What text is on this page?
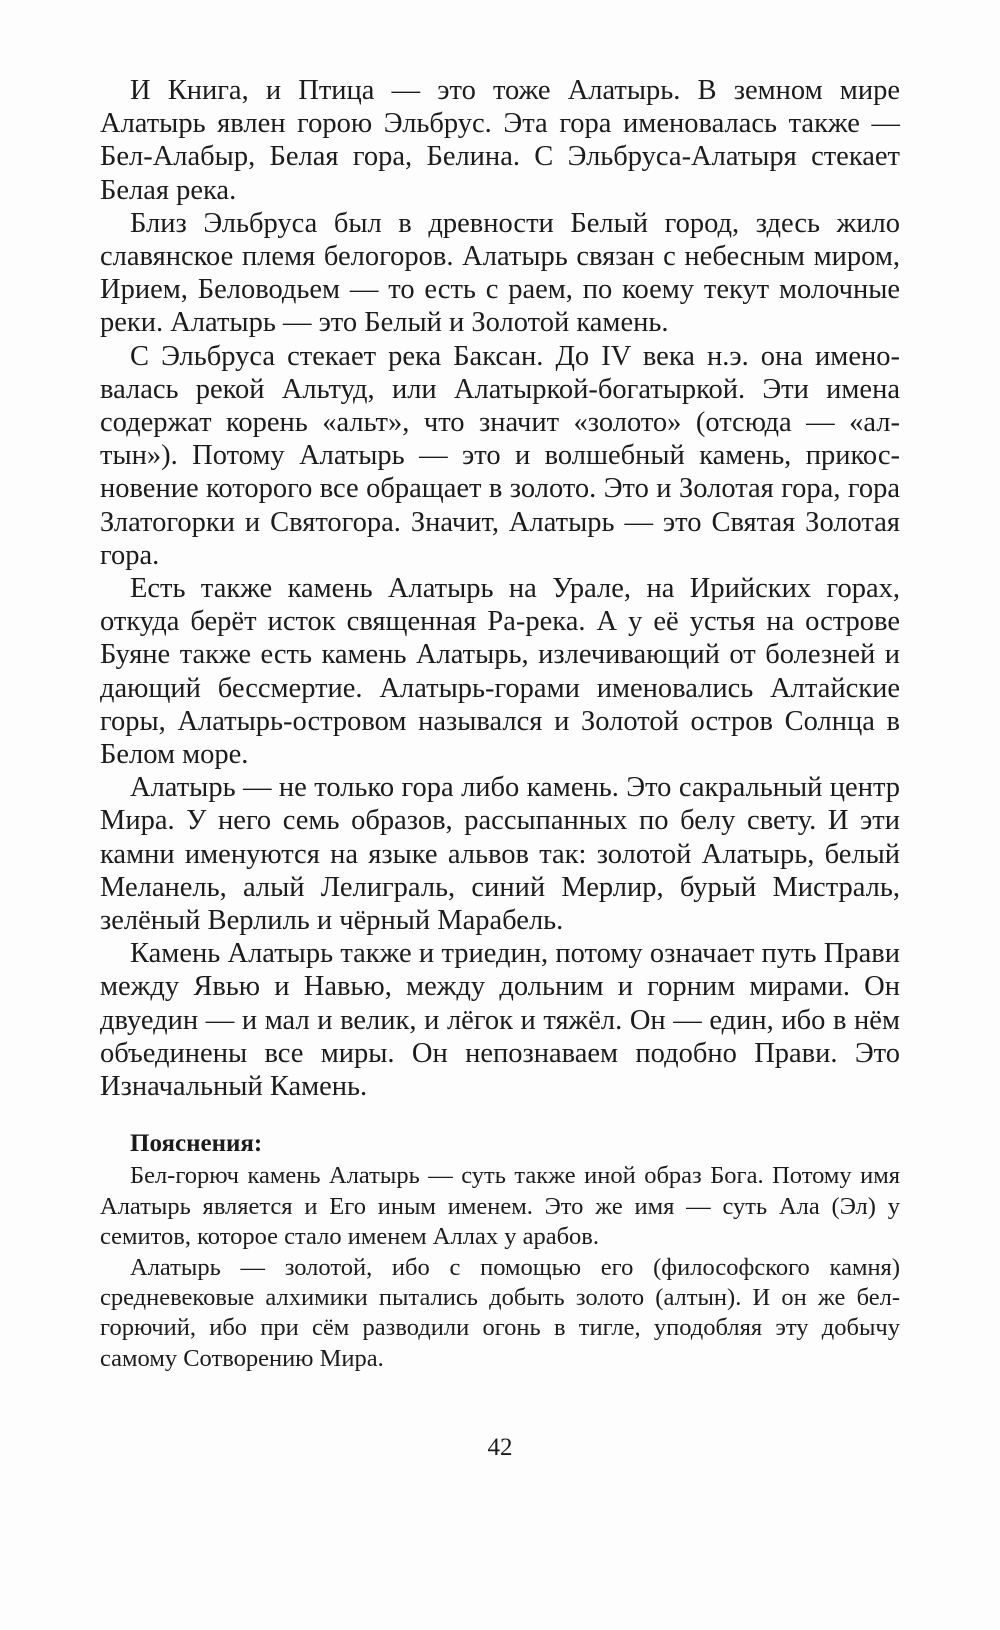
И Книга, и Птица — это тоже Алатырь. В земном мире Алатырь явлен горою Эльбрус. Эта гора именовалась также — Бел-Алабыр, Белая гора, Белина. С Эльбруса-Алатыря стекает Белая река.

Близ Эльбруса был в древности Белый город, здесь жило славянское племя белогоров. Алатырь связан с небесным миром, Ирием, Беловодьем — то есть с раем, по коему текут молочные реки. Алатырь — это Белый и Золотой камень.

С Эльбруса стекает река Баксан. До IV века н.э. она именовалась рекой Альтуд, или Алатыркой-богатыркой. Эти имена содержат корень «альт», что значит «золото» (отсюда — «алтын»). Потому Алатырь — это и волшебный камень, прикосновение которого все обращает в золото. Это и Золотая гора, гора Златогорки и Святогора. Значит, Алатырь — это Святая Золотая гора.

Есть также камень Алатырь на Урале, на Ирийских горах, откуда берёт исток священная Ра-река. А у её устья на острове Буяне также есть камень Алатырь, излечивающий от болезней и дающий бессмертие. Алатырь-горами именовались Алтайские горы, Алатырь-островом назывался и Золотой остров Солнца в Белом море.

Алатырь — не только гора либо камень. Это сакральный центр Мира. У него семь образов, рассыпанных по белу свету. И эти камни именуются на языке альвов так: золотой Алатырь, белый Меланель, алый Лелиграль, синий Мерлир, бурый Мистраль, зелёный Верлиль и чёрный Марабель.

Камень Алатырь также и триедин, потому означает путь Прави между Явью и Навью, между дольним и горним мирами. Он двуедин — и мал и велик, и лёгок и тяжёл. Он — един, ибо в нём объединены все миры. Он непознаваем подобно Прави. Это Изначальный Камень.

Пояснения:

Бел-горюч камень Алатырь — суть также иной образ Бога. Потому имя Алатырь является и Его иным именем. Это же имя — суть Ала (Эл) у семитов, которое стало именем Аллах у арабов.

Алатырь — золотой, ибо с помощью его (философского камня) средневековые алхимики пытались добыть золото (алтын). И он же бел-горючий, ибо при сём разводили огонь в тигле, уподобляя эту добычу самому Сотворению Мира.

42
